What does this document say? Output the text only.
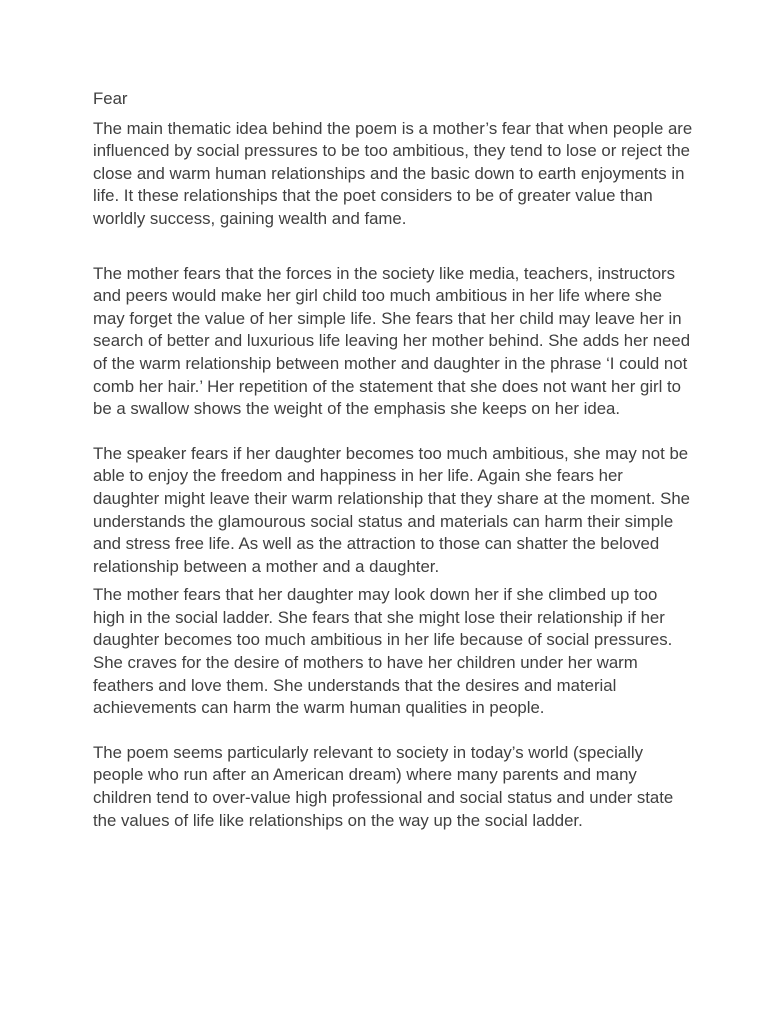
Fear

The main thematic idea behind the poem is a mother’s fear that when people are influenced by social pressures to be too ambitious, they tend to lose or reject the close and warm human relationships and the basic down to earth enjoyments in life. It these relationships that the poet considers to be of greater value than worldly success, gaining wealth and fame.

The mother fears that the forces in the society like media, teachers, instructors and peers would make her girl child too much ambitious in her life where she may forget the value of her simple life. She fears that her child may leave her in search of better and luxurious life leaving her mother behind. She adds her need of the warm relationship between mother and daughter in the phrase ‘I could not comb her hair.’ Her repetition of the statement that she does not want her girl to be a swallow shows the weight of the emphasis she keeps on her idea.

The speaker fears if her daughter becomes too much ambitious, she may not be able to enjoy the freedom and happiness in her life. Again she fears her daughter might leave their warm relationship that they share at the moment. She understands the glamourous social status and materials can harm their simple and stress free life. As well as the attraction to those can shatter the beloved relationship between a mother and a daughter.

The mother fears that her daughter may look down her if she climbed up too high in the social ladder. She fears that she might lose their relationship if her daughter becomes too much ambitious in her life because of social pressures. She craves for the desire of mothers to have her children under her warm feathers and love them. She understands that the desires and material achievements can harm the warm human qualities in people.

The poem seems particularly relevant to society in today’s world (specially people who run after an American dream) where many parents and many children tend to over-value high professional and social status and under state the values of life like relationships on the way up the social ladder.
